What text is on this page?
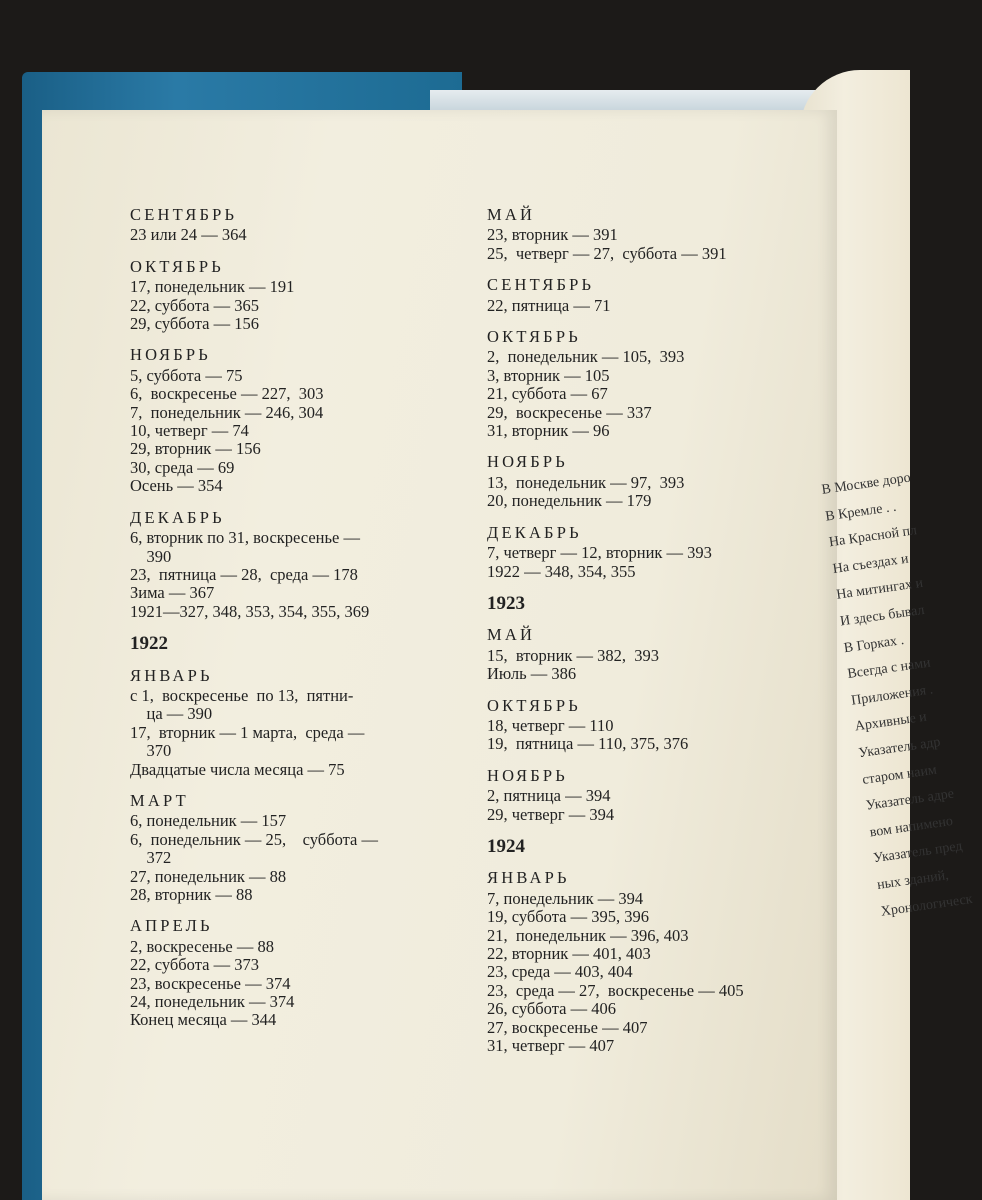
СЕНТЯБРЬ
23 или 24 — 364
ОКТЯБРЬ
17, понедельник — 191
22, суббота — 365
29, суббота — 156
НОЯБРЬ
5, суббота — 75
6,  воскресенье — 227,  303
7,  понедельник — 246, 304
10, четверг — 74
29, вторник — 156
30, среда — 69
Осень — 354
ДЕКАБРЬ
6, вторник по 31, воскресенье —
390
23,  пятница — 28,  среда — 178
Зима — 367
1921—327, 348, 353, 354, 355, 369
1922
ЯНВАРЬ
с 1,  воскресенье  по 13,  пятни-
ца — 390
17,  вторник — 1 марта,  среда —
370
Двадцатые числа месяца — 75
МАРТ
6, понедельник — 157
6,  понедельник — 25,    суббота —
372
27, понедельник — 88
28, вторник — 88
АПРЕЛЬ
2, воскресенье — 88
22, суббота — 373
23, воскресенье — 374
24, понедельник — 374
Конец месяца — 344
МАЙ
23, вторник — 391
25,  четверг — 27,  суббота — 391
СЕНТЯБРЬ
22, пятница — 71
ОКТЯБРЬ
2,  понедельник — 105,  393
3, вторник — 105
21, суббота — 67
29,  воскресенье — 337
31, вторник — 96
НОЯБРЬ
13,  понедельник — 97,  393
20, понедельник — 179
ДЕКАБРЬ
7, четверг — 12, вторник — 393
1922 — 348, 354, 355
1923
МАЙ
15,  вторник — 382,  393
Июль — 386
ОКТЯБРЬ
18, четверг — 110
19,  пятница — 110, 375, 376
НОЯБРЬ
2, пятница — 394
29, четверг — 394
1924
ЯНВАРЬ
7, понедельник — 394
19, суббота — 395, 396
21,  понедельник — 396, 403
22, вторник — 401, 403
23, среда — 403, 404
23,  среда — 27,  воскресенье — 405
26, суббота — 406
27, воскресенье — 407
31, четверг — 407
В Москве доро
В Кремле . .
На Красной пл
На съездах и
На митингах и
И здесь бывал
В Горках .
Всегда с нами
Приложения .
Архивные и
Указатель адр
старом наим
Указатель адре
вом напимено
Указатель пред
ных зданий,
Хронологическ
